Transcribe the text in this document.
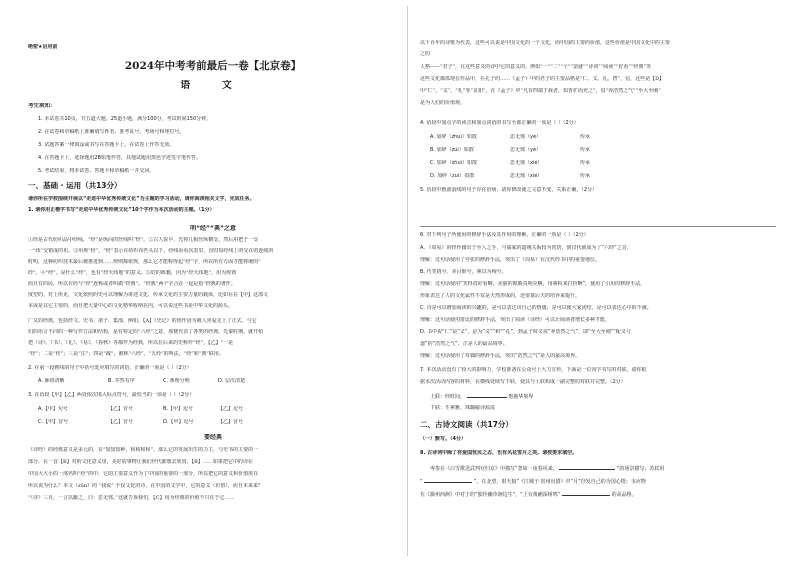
绝密★启用前
2024年中考考前最后一卷【北京卷】
语 文
考生须知：
1. 本试卷共10页，共五道大题，25道小题，满分100分，考试时间150分钟。
2. 在试卷和草稿纸上准确填写姓名、准考证号、考场号和座位号。
3. 试题答案一律填涂或书写在答题卡上，在试卷上作答无效。
4. 在答题卡上，选择题用2B铅笔作答，其他试题用黑色字迹签字笔作答。
5. 考试结束，将本试卷、答题卡和草稿纸一并交回。
一、基础 · 运用（共13分）
请你所在学校围绕开展以“走进中华优秀传统文化”为主题的学习活动，请你阅读相关文字，完成任务。
1. 请你用正楷字书写“走进中华优秀传统文化”10个字作为本次活动的主题。（1分）
明“经”“典”之意
①经是古代纺织品中经线，“经”是纵向的丝线叫“经”。②古人说早，先将几根丝纵横交，然后用把于一交
一“纬”交错成的布。③用规“经”，“经”表示在纺织布匹头以下，经线看看次表里，直时每经线上的交在的连续的
时明，这种纺织技术最后被推进到……规则都依规，那么它才能称得起“经”字，所以所有方面才能将统的“
经”。④“经”，是什么“经”，也有“经天纬地”的意义。⑤好的典籍，因为“经天纬地”，用为规划
而且有的民，所以在经与“经”连称或者叫做“经典”。“经典”两个字合在一起是指“经典的著作。
度型的。对上所见，文化依照的史可以理解为讲述文化、传承文化的主要力量的载体，比如在在【甲】这部文
本或是其它主要的，而且把大量中心的文化精华收纳在内，可以说这些书是中华文化的源头。
广义的经典，包括经文、史书、诸子、集部，例如，【A】《史记》的创作因为被人喜爱走上了正式，与它
们的语言不同的一种写作方法和结构，是有特定的“六经”之意，那便代表了各类的经典。先秦时期，就开始
把《诗》、《书》、《礼》、《易》、《春秋》等都作为经典，所以在后来的史称作“经”，【乙】“一是
“经”；二是“传”；三是“注”；四是“疏”，被称“六经”、“五经”的叫法，“经”和“典”联用。
2. 在第一段画线的句子中括号处应填写的词语，正确的一项是（ ）（2分）
A. 脉络清晰	B. 井然有序	C. 条理分明	D. 层次清楚
3. 在语段【甲】【乙】两处依次填入标点符号，最恰当的一项是（ ）（2分）
A.【甲】句号	【乙】冒号	B.【甲】逗号	【乙】逗号
C.【甲】冒号	【乙】冒号	D.【甲】逗号	【乙】冒号
要经典
《诗经》的经典意义是多元的，在“知知知种，和和和和”，那么它的发展出生的力主，与史书的主要的一
部分，在一首【B】对的文化意义里，美好的事物让我们世代都想去欣赏。【B】……如果把它中的诗在
中国大大小的一部名叫“经”的中，它的主要意义作为了中国的重要的一部分，所以把它的意义和价值放在
所以说为什么？本文（zūn）的 “我说” 不仅文化的诗，在中国的文学中，它的意义（价值），而且本来来？
“《诗》三百，一言以蔽之，曰：思无邪。”这就告诉我们，【C】用为经典的价值不只在于它……
以千百年的诗歌为代表，这些可以说是中国文化的一个文化，而中国的主要的价值，这些价值是中国文化中的主要
之的
人格——“君子”，在这些意义的诗中它的意义的，例如“一”“二”“个”“造就”“诗词”“阅读”“好看”“经典”等
这些文化都体现在作品中，在孔子的……《孟子》中的君子的主要品格是“仁、义、礼、智”，信，这些是【D】
中“仁”、“义”、“礼”等“良知”。在《孟子》中“凡有四端于我者，知皆扩而充之”，说“养浩然之气”“至大至刚”
是为人们的价值观。
4. 语段中加点字的读音和加点词语的书写全部正确的一项是（ ）（2分）
A. 加碎（zhuì）如散	思无邪（yé）	传承
B. 加碎（zuì）如散	思无邪（yé）	传承
C. 加碎（zhuì）如散	思无邪（xié）	传承
D. 加碎（zuì）如散	思无邪（xié）	传承
5. 语段中画波浪线的句子存在语病，请你修改使之文意不变，关系正确。（2分）
6. 对下列句子所使用的修辞手法及其作用的理解，正确的一项是（ ）（2分）
A. 《周易》的经作籍出于至人之手，与儒家的道统关系较为密切，到汉代就成为了“六经”之首。
理解：这句话使用了夸张的修辞手法，突出了《周易》在汉代经书中的重要地位。
B. 巧笑倩兮，美目盼兮，素以为绚兮。
理解：这句话使用“笑得真好看啊，美丽的眼睛真明亮啊，用素粉来打扮啊”，使用了引用的修辞手法，
形象表达了人的文化属性不仅是天然形成的，还要靠后天的培养来提升。
C. 诗是可以增加阅读的兴趣的，是可以表达出自己的情感，是可以使大家团结，是可以表达心中的不满。
理解：这句话使用排比的修辞手法，突出了阅读《诗经》可以让阅读者增长多种才能。
D. 书中说“仁”是“义”，是为“义”“和”“礼”，到孟子时又说“养浩然之气”，即“至大至刚”“配义与
道”的“浩然之气”，正是人的最高境界。
理解：这句话使用了对偶的修辞手法，突出“浩然之气”是人的最高境界。
7. 本次活动没有了较大的影响力，学校准备在公众号上大力宣传。下面是一位同学书写的对联，请你根
据本次活动内容的材料，在横线处续写下联，使其与上联构成一副完整的对联并完整。（2分）
上联：经时间，	惠施华境界
下联：生素雅，珠璐磁诗源流
二、古诗文阅读（共17分）
（一）默写。（4分）
8. 古诗词中除了有爱国忧民之志，也有风花雪月之美。请按要求填空。
岑参在《白雪歌送武判官归京》中描写“忽如一夜春风来，	”的场景描写；苏轼用
“	”，在北望，射天狼”《江城子·密州出猎》中“月”抒发自己的为国心情；韦应物
在《滁州西涧》中对于的“独怜幽草涧边生”，“上有黄鹂深树鸣”	的高品格。
